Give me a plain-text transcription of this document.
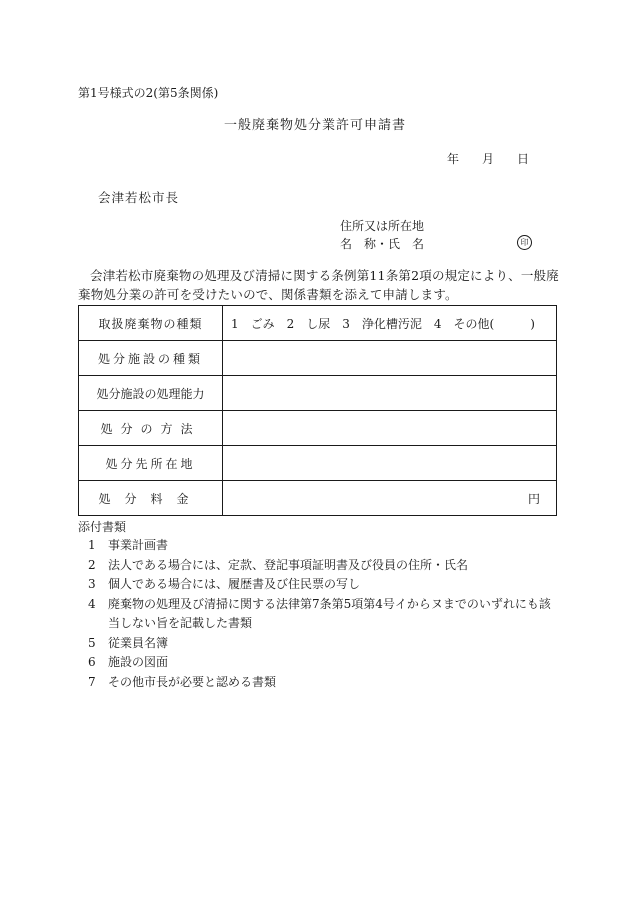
第1号様式の2(第5条関係)
一般廃棄物処分業許可申請書
年 月 日
会津若松市長
住所又は所在地
名　称・氏　名	印
会津若松市廃棄物の処理及び清掃に関する条例第11条第2項の規定により、一般廃棄物処分業の許可を受けたいので、関係書類を添えて申請します。
取扱廃棄物の種類	1　ごみ　2　し尿　3　浄化槽汚泥　4　その他(　　　)
処分施設の種類	
処分施設の処理能力	
処分の方法	
処分先所在地	
処分料金	円
添付書類
1	事業計画書
2	法人である場合には、定款、登記事項証明書及び役員の住所・氏名
3	個人である場合には、履歴書及び住民票の写し
4	廃棄物の処理及び清掃に関する法律第7条第5項第4号イからヌまでのいずれにも該当しない旨を記載した書類
5	従業員名簿
6	施設の図面
7	その他市長が必要と認める書類
